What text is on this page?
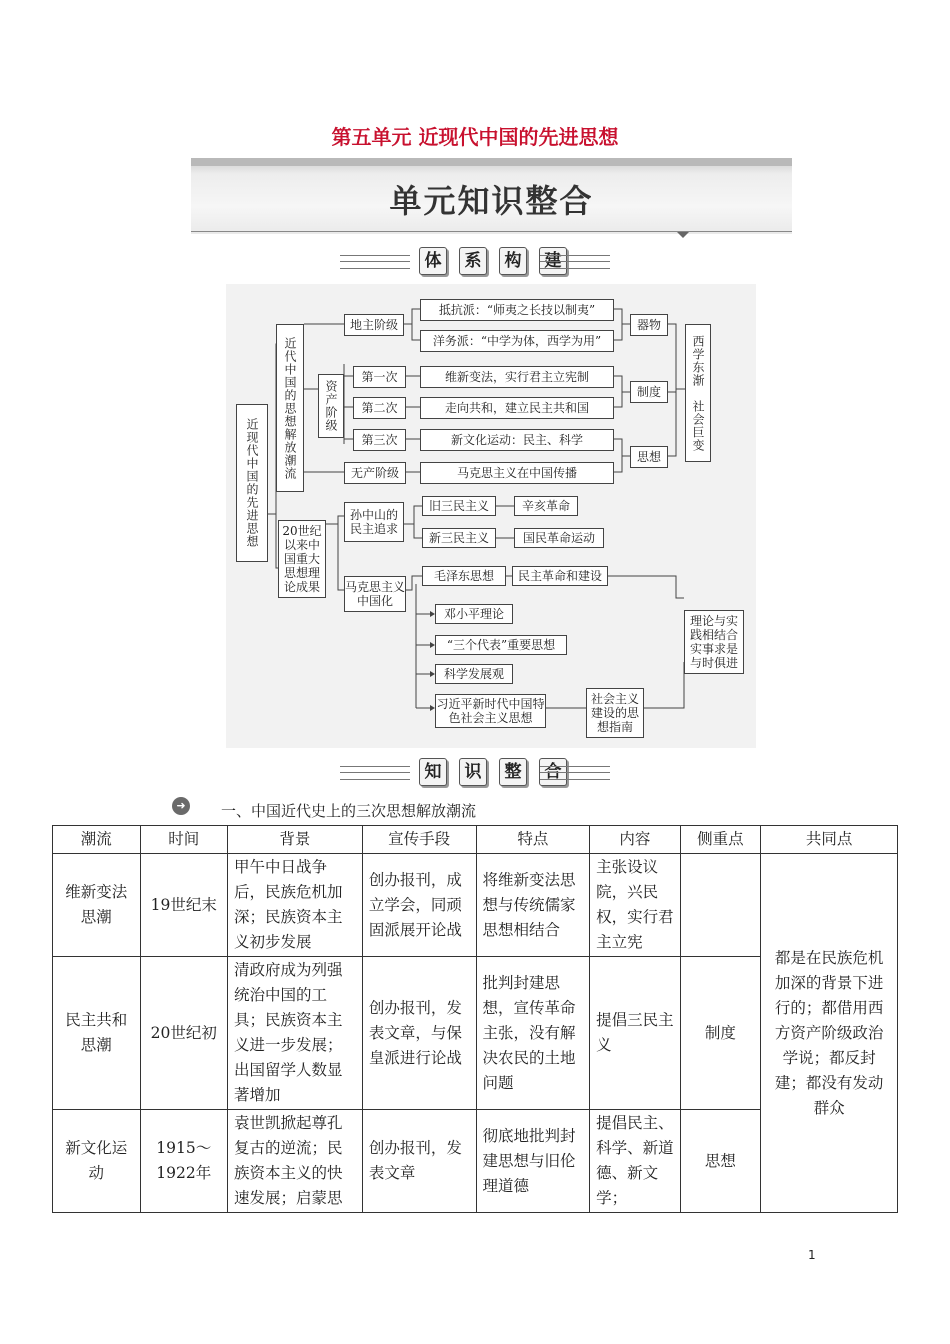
第五单元 近现代中国的先进思想
单元知识整合
体	系	构	建
近现代中国的先进思想
近代中国的思想解放潮流
20世纪以来中国重大思想理论成果
地主阶级
资产阶级
无产阶级
抵抗派：“师夷之长技以制夷”
洋务派：“中学为体，西学为用”
第一次
第二次
第三次
维新变法，实行君主立宪制
走向共和，建立民主共和国
新文化运动：民主、科学
马克思主义在中国传播
器物
制度
思想
西学东渐　社会巨变
孙中山的民主追求
旧三民主义
新三民主义
辛亥革命
国民革命运动
马克思主义中国化
毛泽东思想	民主革命和建设
邓小平理论
“三个代表”重要思想
科学发展观
习近平新时代中国特色社会主义思想
社会主义建设的思想指南
理论与实践相结合实事求是与时俱进
知	识	整	合
➜ 一、中国近代史上的三次思想解放潮流
潮流	时间	背景	宣传手段	特点	内容	侧重点	共同点
维新变法思潮	19世纪末	甲午中日战争后，民族危机加深；民族资本主义初步发展	创办报刊，成立学会，同顽固派展开论战	将维新变法思想与传统儒家思想相结合	主张设议院，兴民权，实行君主立宪		都是在民族危机加深的背景下进行的；都借用西方资产阶级政治学说；都反封建；都没有发动群众
民主共和思潮	20世纪初	清政府成为列强统治中国的工具；民族资本主义进一步发展；出国留学人数显著增加	创办报刊，发表文章，与保皇派进行论战	批判封建思想，宣传革命主张，没有解决农民的土地问题	提倡三民主义	制度	
新文化运动	1915～1922年	袁世凯掀起尊孔复古的逆流；民族资本主义的快速发展；启蒙思	创办报刊，发表文章	彻底地批判封建思想与旧伦理道德	提倡民主、科学、新道德、新文学；	思想	
1
